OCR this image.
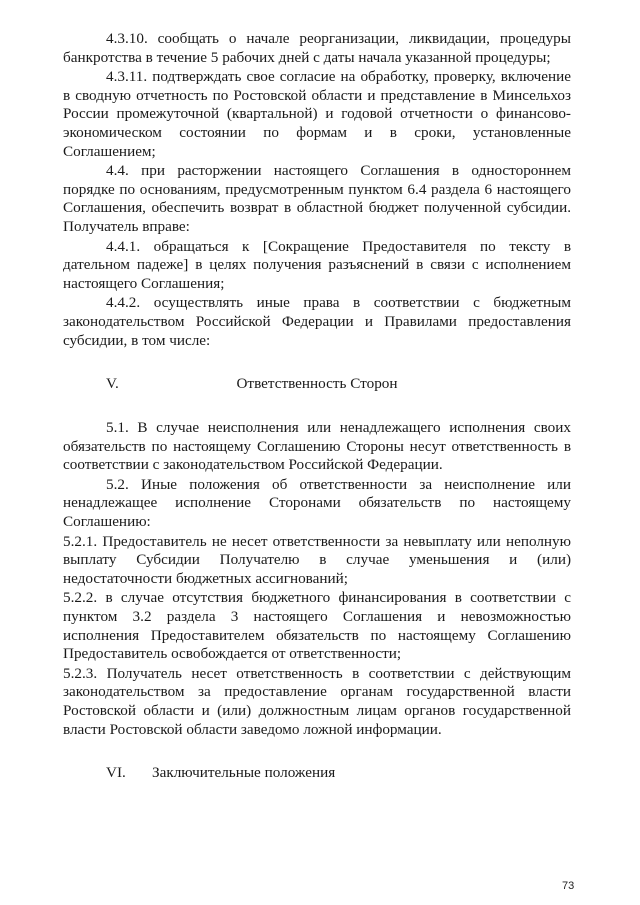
4.3.10. сообщать о начале реорганизации, ликвидации, процедуры банкротства в течение 5 рабочих дней с даты начала указанной процедуры;

4.3.11. подтверждать свое согласие на обработку, проверку, включение в сводную отчетность по Ростовской области и представление в Минсельхоз России промежуточной (квартальной) и годовой отчетности о финансово-экономическом состоянии по формам и в сроки, установленные Соглашением;

4.4. при расторжении настоящего Соглашения в одностороннем порядке по основаниям, предусмотренным пунктом 6.4 раздела 6 настоящего Соглашения, обеспечить возврат в областной бюджет полученной субсидии. Получатель вправе:

4.4.1. обращаться к [Сокращение Предоставителя по тексту в дательном падеже] в целях получения разъяснений в связи с исполнением настоящего Соглашения;

4.4.2. осуществлять иные права в соответствии с бюджетным законодательством Российской Федерации и Правилами предоставления субсидии, в том числе:

V.	Ответственность Сторон

5.1. В случае неисполнения или ненадлежащего исполнения своих обязательств по настоящему Соглашению Стороны несут ответственность в соответствии с законодательством Российской Федерации.

5.2. Иные положения об ответственности за неисполнение или ненадлежащее исполнение Сторонами обязательств по настоящему Соглашению:

5.2.1. Предоставитель не несет ответственности за невыплату или неполную выплату Субсидии Получателю в случае уменьшения и (или) недостаточности бюджетных ассигнований;

5.2.2. в случае отсутствия бюджетного финансирования в соответствии с пунктом 3.2 раздела 3 настоящего Соглашения и невозможностью исполнения Предоставителем обязательств по настоящему Соглашению Предоставитель освобождается от ответственности;

5.2.3. Получатель несет ответственность в соответствии с действующим законодательством за предоставление органам государственной власти Ростовской области и (или) должностным лицам органов государственной власти Ростовской области заведомо ложной информации.

VI. Заключительные положения
73
